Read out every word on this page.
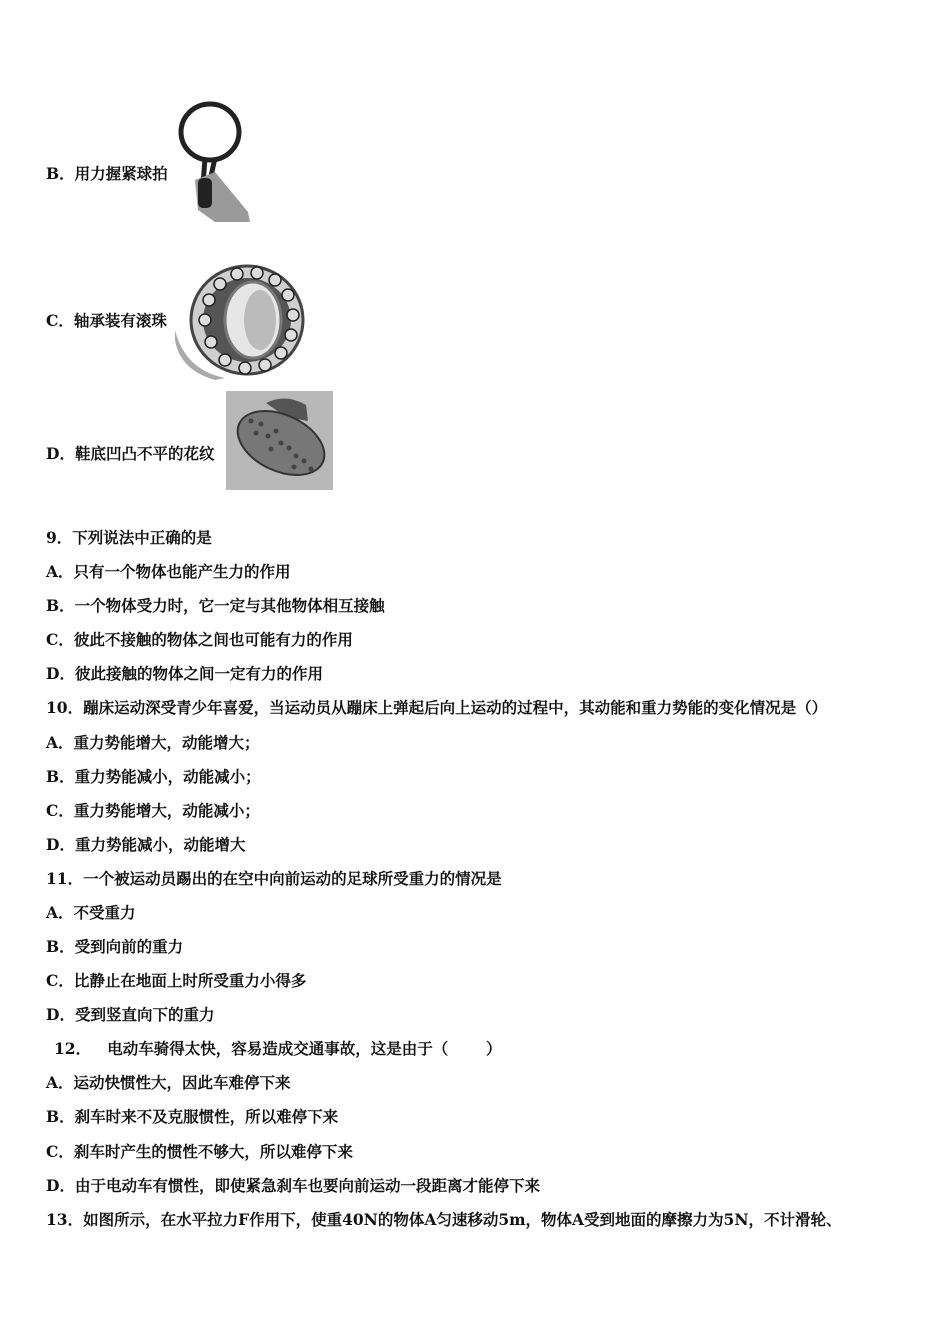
B．用力握紧球拍
C．轴承装有滚珠
D．鞋底凹凸不平的花纹
9．下列说法中正确的是
A．只有一个物体也能产生力的作用
B．一个物体受力时，它一定与其他物体相互接触
C．彼此不接触的物体之间也可能有力的作用
D．彼此接触的物体之间一定有力的作用
10．蹦床运动深受青少年喜爱，当运动员从蹦床上弹起后向上运动的过程中，其动能和重力势能的变化情况是（）
A．重力势能增大，动能增大；
B．重力势能减小，动能减小；
C．重力势能增大，动能减小；
D．重力势能减小，动能增大
11．一个被运动员踢出的在空中向前运动的足球所受重力的情况是
A．不受重力
B．受到向前的重力
C．比静止在地面上时所受重力小得多
D．受到竖直向下的重力
12．   电动车骑得太快，容易造成交通事故，这是由于（       ）
A．运动快惯性大，因此车难停下来
B．刹车时来不及克服惯性，所以难停下来
C．刹车时产生的惯性不够大，所以难停下来
D．由于电动车有惯性，即使紧急刹车也要向前运动一段距离才能停下来
13．如图所示，在水平拉力F作用下，使重40N的物体A匀速移动5m，物体A受到地面的摩擦力为5N，不计滑轮、
